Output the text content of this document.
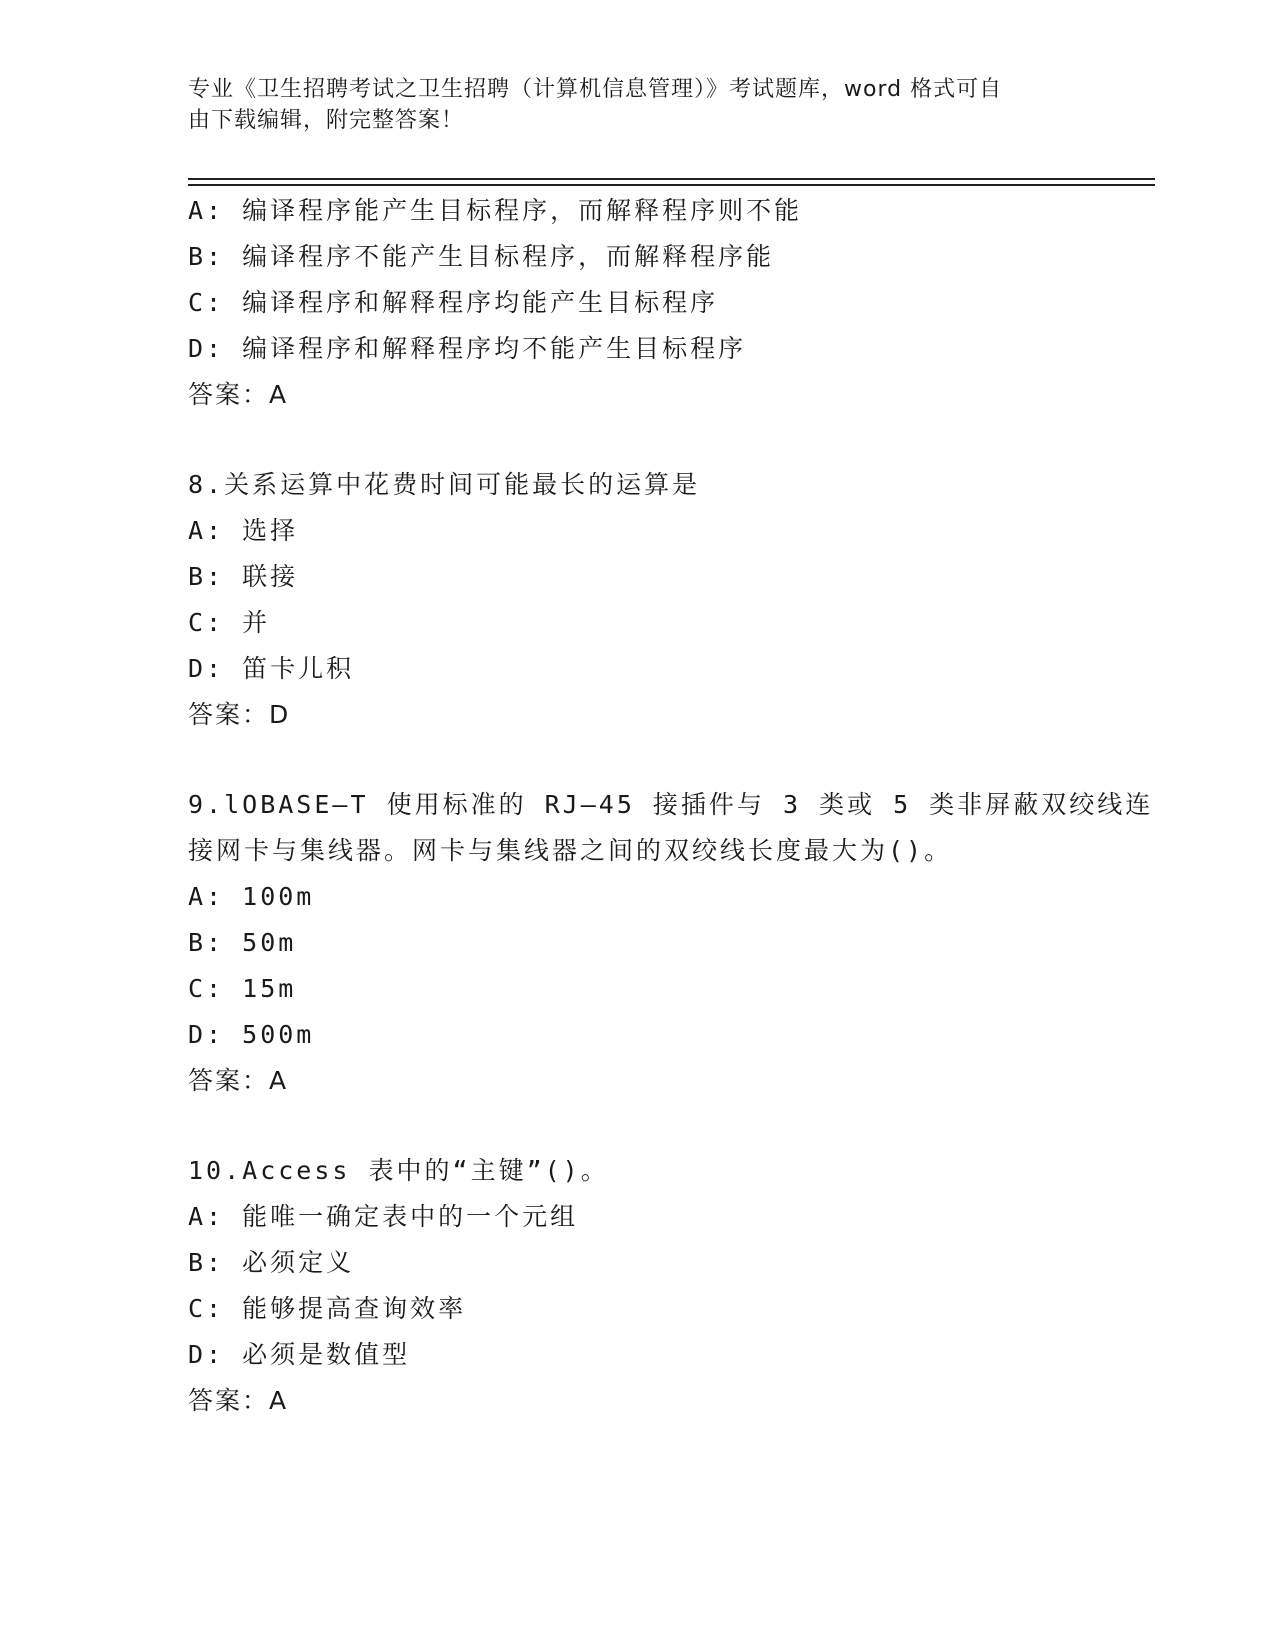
专业《卫生招聘考试之卫生招聘（计算机信息管理）》考试题库，word 格式可自
由下载编辑，附完整答案！
A: 编译程序能产生目标程序，而解释程序则不能
B: 编译程序不能产生目标程序，而解释程序能
C: 编译程序和解释程序均能产生目标程序
D: 编译程序和解释程序均不能产生目标程序
答案：A
8.关系运算中花费时间可能最长的运算是
A: 选择
B: 联接
C: 并
D: 笛卡儿积
答案：D
9.lOBASE—T 使用标准的 RJ—45 接插件与 3 类或 5 类非屏蔽双绞线连
接网卡与集线器。网卡与集线器之间的双绞线长度最大为()。
A: 100m
B: 50m
C: 15m
D: 500m
答案：A
10.Access 表中的“主键”()。
A: 能唯一确定表中的一个元组
B: 必须定义
C: 能够提高查询效率
D: 必须是数值型
答案：A
